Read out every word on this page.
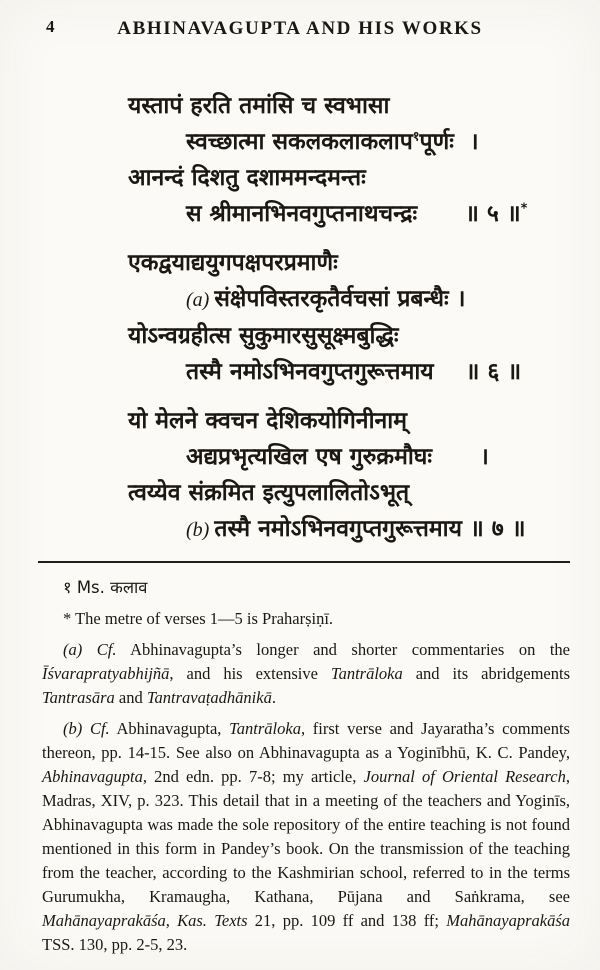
4	ABHINAVAGUPTA AND HIS WORKS
यस्तापं हरति तमांसि च स्वभासा
स्वच्छात्मा सकलकलाकलाप$^१$पूर्णः  ।
आनन्दं दिशतु दशाममन्दमन्तः
स श्रीमानभिनवगुप्तनाथचन्द्रः      ॥ ५ ॥*
एकद्वयाद्ययुगपक्षपरप्रमाणैः
(a) संक्षेपविस्तरकृतैर्वचसां प्रबन्धैः ।
योऽन्वग्रहीत्स सुकुमारसुसूक्ष्मबुद्धिः
तस्मै नमोऽभिनवगुप्तगुरूत्तमाय    ॥ ६ ॥
यो मेलने क्वचन देशिकयोगिनीनाम्
अद्यप्रभृत्यखिल एष गुरुक्रमौघः      ।
त्वय्येव संक्रमित इत्युपलालितोऽभूत्
(b) तस्मै नमोऽभिनवगुप्तगुरूत्तमाय ॥ ७ ॥

१ Ms. कलाव

* The metre of verses 1—5 is Praharṣiṇī.

(a) Cf. Abhinavagupta’s longer and shorter commentaries on the Īśvarapratyabhijñā, and his extensive Tantrāloka and its abridgements Tantrasāra and Tantravaṭadhānikā.

(b) Cf. Abhinavagupta, Tantrāloka, first verse and Jayaratha’s comments thereon, pp. 14-15. See also on Abhinavagupta as a Yoginībhū, K. C. Pandey, Abhinavagupta, 2nd edn. pp. 7-8; my article, Journal of Oriental Research, Madras, XIV, p. 323. This detail that in a meeting of the teachers and Yoginīs, Abhinavagupta was made the sole repository of the entire teaching is not found mentioned in this form in Pandey’s book. On the transmission of the teaching from the teacher, according to the Kashmirian school, referred to in the terms Gurumukha, Kramaugha, Kathana, Pūjana and Saṅkrama, see Mahānayaprakāśa, Kas. Texts 21, pp. 109 ff and 138 ff; Mahānayaprakāśa TSS. 130, pp. 2-5, 23.
